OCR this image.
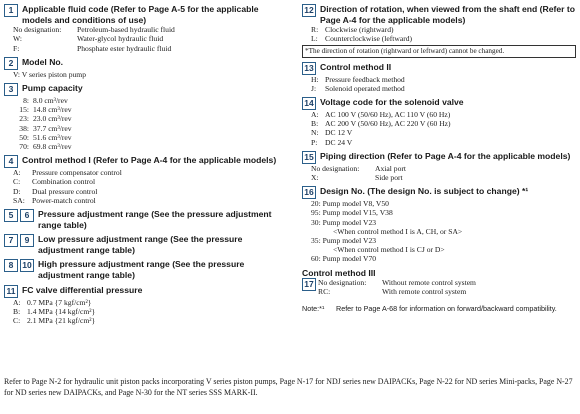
1	Applicable fluid code (Refer to Page A-5 for the applicable models and conditions of use)
No designation:	Petroleum-based hydraulic fluid
W:	Water-glycol hydraulic fluid
F:	Phosphate ester hydraulic fluid
2	Model No.
V: V series piston pump
3	Pump capacity
8: 8.0 cm³/rev
15: 14.8 cm³/rev
23: 23.0 cm³/rev
38: 37.7 cm³/rev
50: 51.6 cm³/rev
70: 69.8 cm³/rev
4	Control method I (Refer to Page A-4 for the applicable models)
A:	Pressure compensator control
C:	Combination control
D:	Dual pressure control
SA: Power-match control
5	6	Pressure adjustment range (See the pressure adjustment range table)
7	9	Low pressure adjustment range (See the pressure adjustment range table)
8	10 High pressure adjustment range (See the pressure adjustment range table)
11 FC valve differential pressure
A: 0.7 MPa {7 kgf/cm²}
B: 1.4 MPa {14 kgf/cm²}
C: 2.1 MPa {21 kgf/cm²}
12 Direction of rotation, when viewed from the shaft end (Refer to Page A-4 for the applicable models)
R: Clockwise (rightward)
L: Counterclockwise (leftward)
*The direction of rotation (rightward or leftward) cannot be changed.
13 Control method II
H: Pressure feedback method
J:	Solenoid operated method
14 Voltage code for the solenoid valve
A: AC 100 V (50/60 Hz), AC 110 V (60 Hz)
B: AC 200 V (50/60 Hz), AC 220 V (60 Hz)
N: DC 12 V
P:	DC 24 V
15 Piping direction (Refer to Page A-4 for the applicable models)
No designation:	Axial port
X:	Side port
16 Design No. (The design No. is subject to change) *¹
20: Pump model V8, V50
95: Pump model V15, V38
30: Pump model V23
<When control method I is A, CH, or SA>
35: Pump model V23
<When control method I is CJ or D>
60: Pump model V70
Control method III
17 No designation:	Without remote control system
RC:	With remote control system
Note:*¹	Refer to Page A-68 for information on forward/backward compatibility.
Refer to Page N-2 for hydraulic unit piston packs incorporating V series piston pumps, Page N-17 for NDJ series new DAIPACKs, Page N-22 for ND series Mini-packs, Page N-27 for ND series new DAIPACKs, and Page N-30 for the NT series SSS MARK-II.
